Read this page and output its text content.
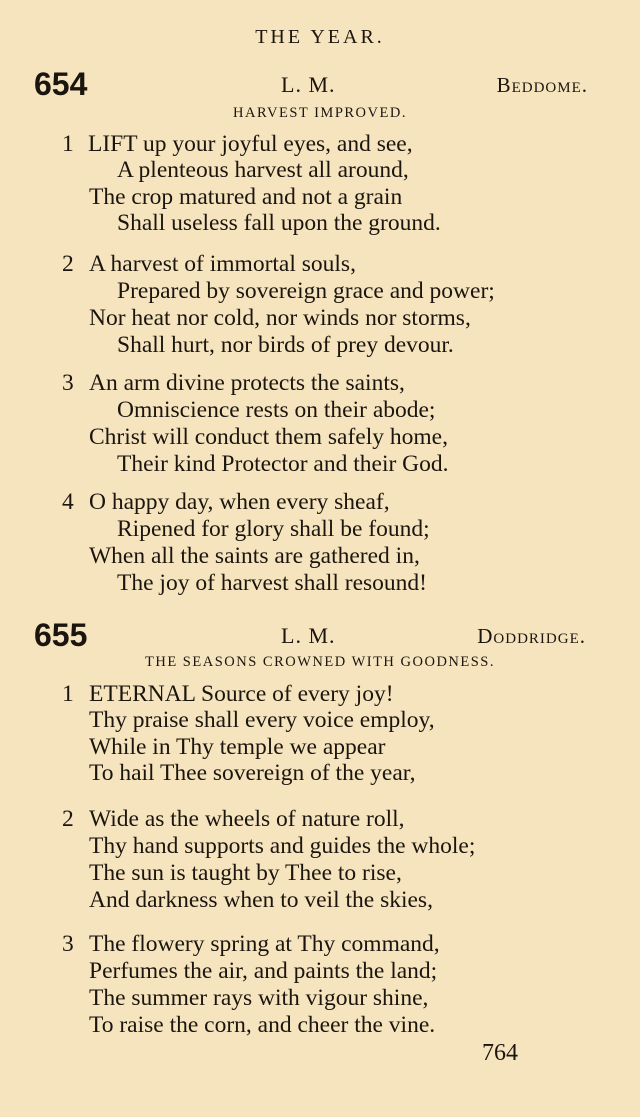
THE YEAR.
654	L. M.	Beddome.
HARVEST IMPROVED.
1 LIFT up your joyful eyes, and see,
A plenteous harvest all around,
The crop matured and not a grain
Shall useless fall upon the ground.
2 A harvest of immortal souls,
Prepared by sovereign grace and power;
Nor heat nor cold, nor winds nor storms,
Shall hurt, nor birds of prey devour.
3 An arm divine protects the saints,
Omniscience rests on their abode;
Christ will conduct them safely home,
Their kind Protector and their God.
4 O happy day, when every sheaf,
Ripened for glory shall be found;
When all the saints are gathered in,
The joy of harvest shall resound!
655	L. M.	Doddridge.
THE SEASONS CROWNED WITH GOODNESS.
1 ETERNAL Source of every joy!
Thy praise shall every voice employ,
While in Thy temple we appear
To hail Thee sovereign of the year,
2 Wide as the wheels of nature roll,
Thy hand supports and guides the whole;
The sun is taught by Thee to rise,
And darkness when to veil the skies,
3 The flowery spring at Thy command,
Perfumes the air, and paints the land;
The summer rays with vigour shine,
To raise the corn, and cheer the vine.
764
